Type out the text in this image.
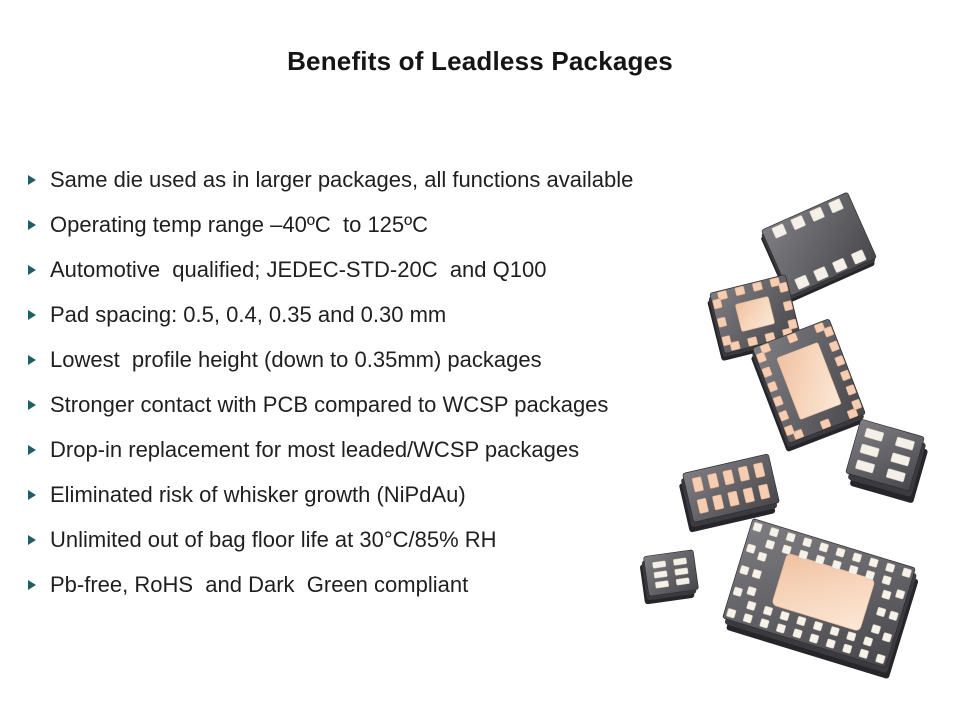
Benefits of Leadless Packages
Same die used as in larger packages, all functions available
Operating temp range –40ºC  to 125ºC
Automotive  qualified; JEDEC-STD-20C  and Q100
Pad spacing: 0.5, 0.4, 0.35 and 0.30 mm
Lowest  profile height (down to 0.35mm) packages
Stronger contact with PCB compared to WCSP packages
Drop-in replacement for most leaded/WCSP packages
Eliminated risk of whisker growth (NiPdAu)
Unlimited out of bag floor life at 30°C/85% RH
Pb-free, RoHS  and Dark  Green compliant
